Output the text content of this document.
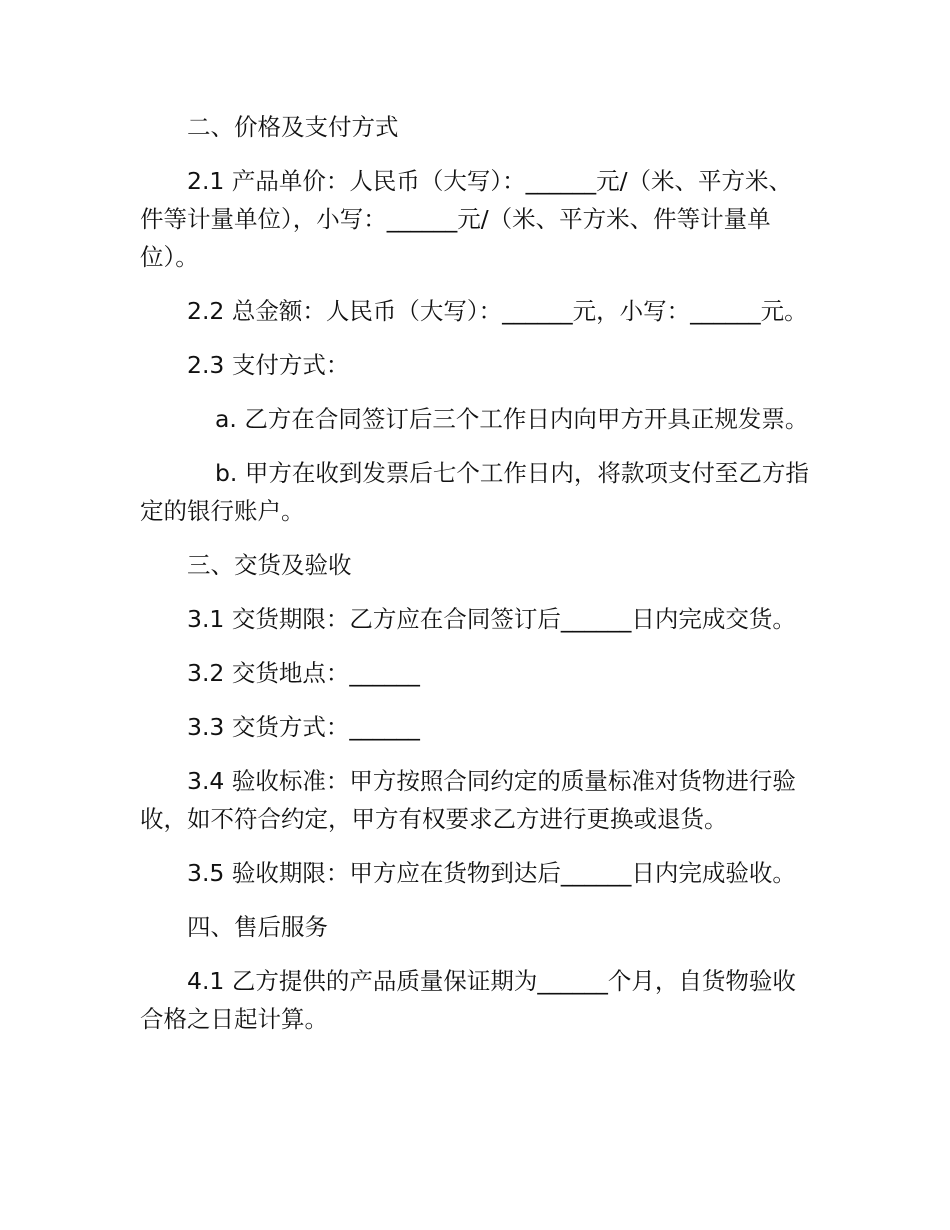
二、价格及支付方式

2.1 产品单价：人民币（大写）：______元/（米、平方米、件等计量单位），小写：______元/（米、平方米、件等计量单位）。

2.2 总金额：人民币（大写）：______元，小写：______元。

2.3 支付方式：

a. 乙方在合同签订后三个工作日内向甲方开具正规发票。

b. 甲方在收到发票后七个工作日内，将款项支付至乙方指定的银行账户。

三、交货及验收

3.1 交货期限：乙方应在合同签订后______日内完成交货。

3.2 交货地点：______

3.3 交货方式：______

3.4 验收标准：甲方按照合同约定的质量标准对货物进行验收，如不符合约定，甲方有权要求乙方进行更换或退货。

3.5 验收期限：甲方应在货物到达后______日内完成验收。

四、售后服务

4.1 乙方提供的产品质量保证期为______个月，自货物验收合格之日起计算。
